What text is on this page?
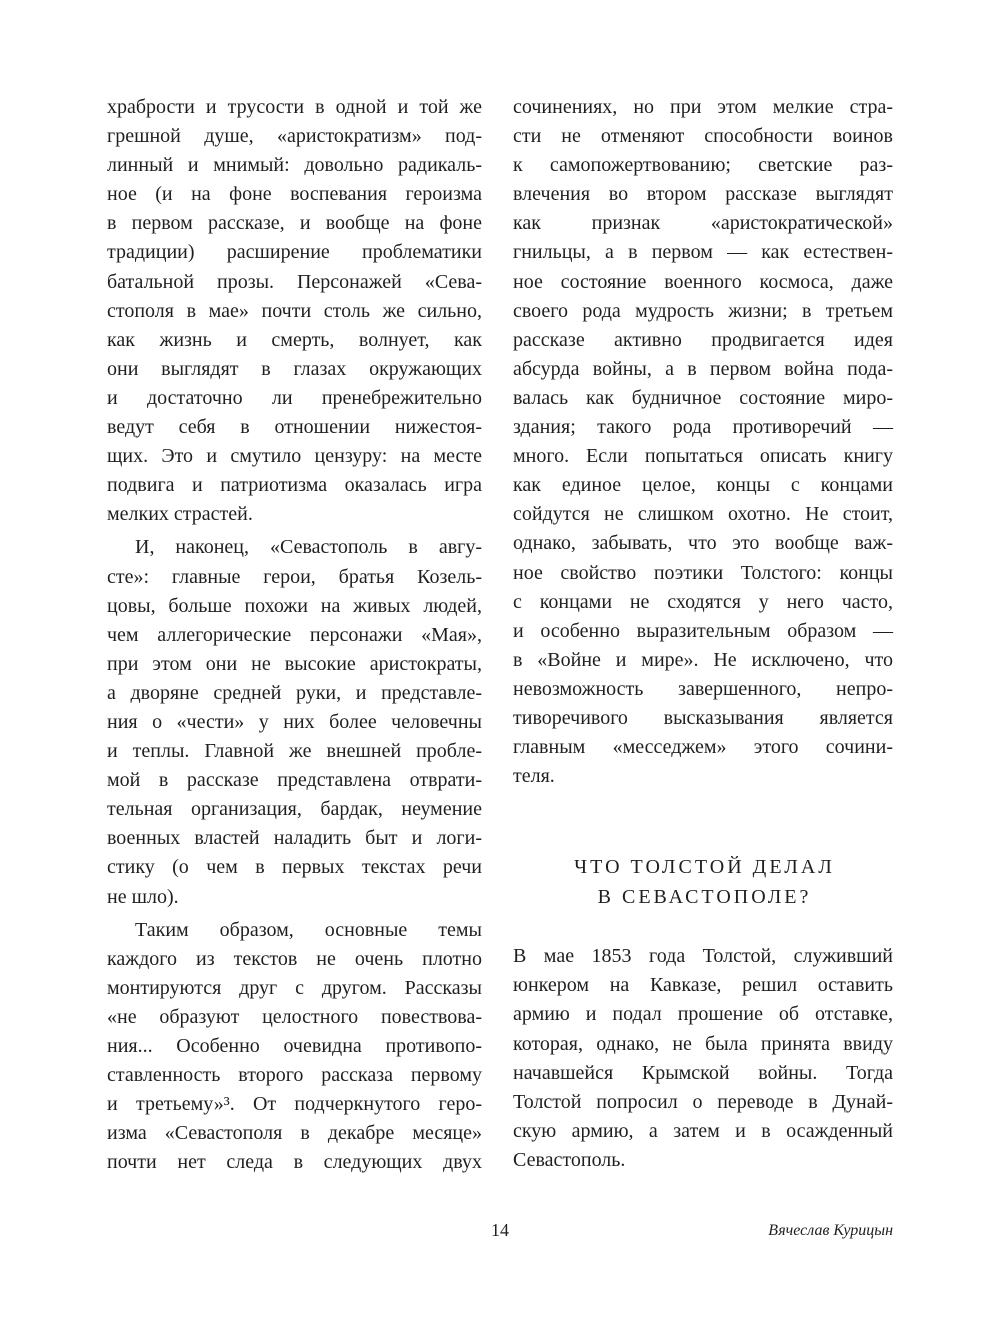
храбрости и трусости в одной и той же
грешной душе, «аристократизм» под-
линный и мнимый: довольно радикаль-
ное (и на фоне воспевания героизма
в первом рассказе, и вообще на фоне
традиции) расширение проблематики
батальной прозы. Персонажей «Сева-
стополя в мае» почти столь же сильно,
как жизнь и смерть, волнует, как
они выглядят в глазах окружающих
и достаточно ли пренебрежительно
ведут себя в отношении нижестоя-
щих. Это и смутило цензуру: на месте
подвига и патриотизма оказалась игра
мелких страстей.
И, наконец, «Севастополь в авгу-
сте»: главные герои, братья Козель-
цовы, больше похожи на живых людей,
чем аллегорические персонажи «Мая»,
при этом они не высокие аристократы,
а дворяне средней руки, и представле-
ния о «чести» у них более человечны
и теплы. Главной же внешней пробле-
мой в рассказе представлена отврати-
тельная организация, бардак, неумение
военных властей наладить быт и логи-
стику (о чем в первых текстах речи
не шло).
Таким образом, основные темы
каждого из текстов не очень плотно
монтируются друг с другом. Рассказы
«не образуют целостного повествова-
ния... Особенно очевидна противопо-
ставленность второго рассказа первому
и третьему»³. От подчеркнутого геро-
изма «Севастополя в декабре месяце»
почти нет следа в следующих двух
сочинениях, но при этом мелкие стра-
сти не отменяют способности воинов
к самопожертвованию; светские раз-
влечения во втором рассказе выглядят
как признак «аристократической»
гнильцы, а в первом — как естествен-
ное состояние военного космоса, даже
своего рода мудрость жизни; в третьем
рассказе активно продвигается идея
абсурда войны, а в первом война пода-
валась как будничное состояние миро-
здания; такого рода противоречий —
много. Если попытаться описать книгу
как единое целое, концы с концами
сойдутся не слишком охотно. Не стоит,
однако, забывать, что это вообще важ-
ное свойство поэтики Толстого: концы
с концами не сходятся у него часто,
и особенно выразительным образом —
в «Войне и мире». Не исключено, что
невозможность завершенного, непро-
тиворечивого высказывания является
главным «месседжем» этого сочини-
теля.
ЧТО ТОЛСТОЙ ДЕЛАЛ
В СЕВАСТОПОЛЕ?
В мае 1853 года Толстой, служивший
юнкером на Кавказе, решил оставить
армию и подал прошение об отставке,
которая, однако, не была принята ввиду
начавшейся Крымской войны. Тогда
Толстой попросил о переводе в Дунай-
скую армию, а затем и в осажденный
Севастополь.
14	Вячеслав Курицын
